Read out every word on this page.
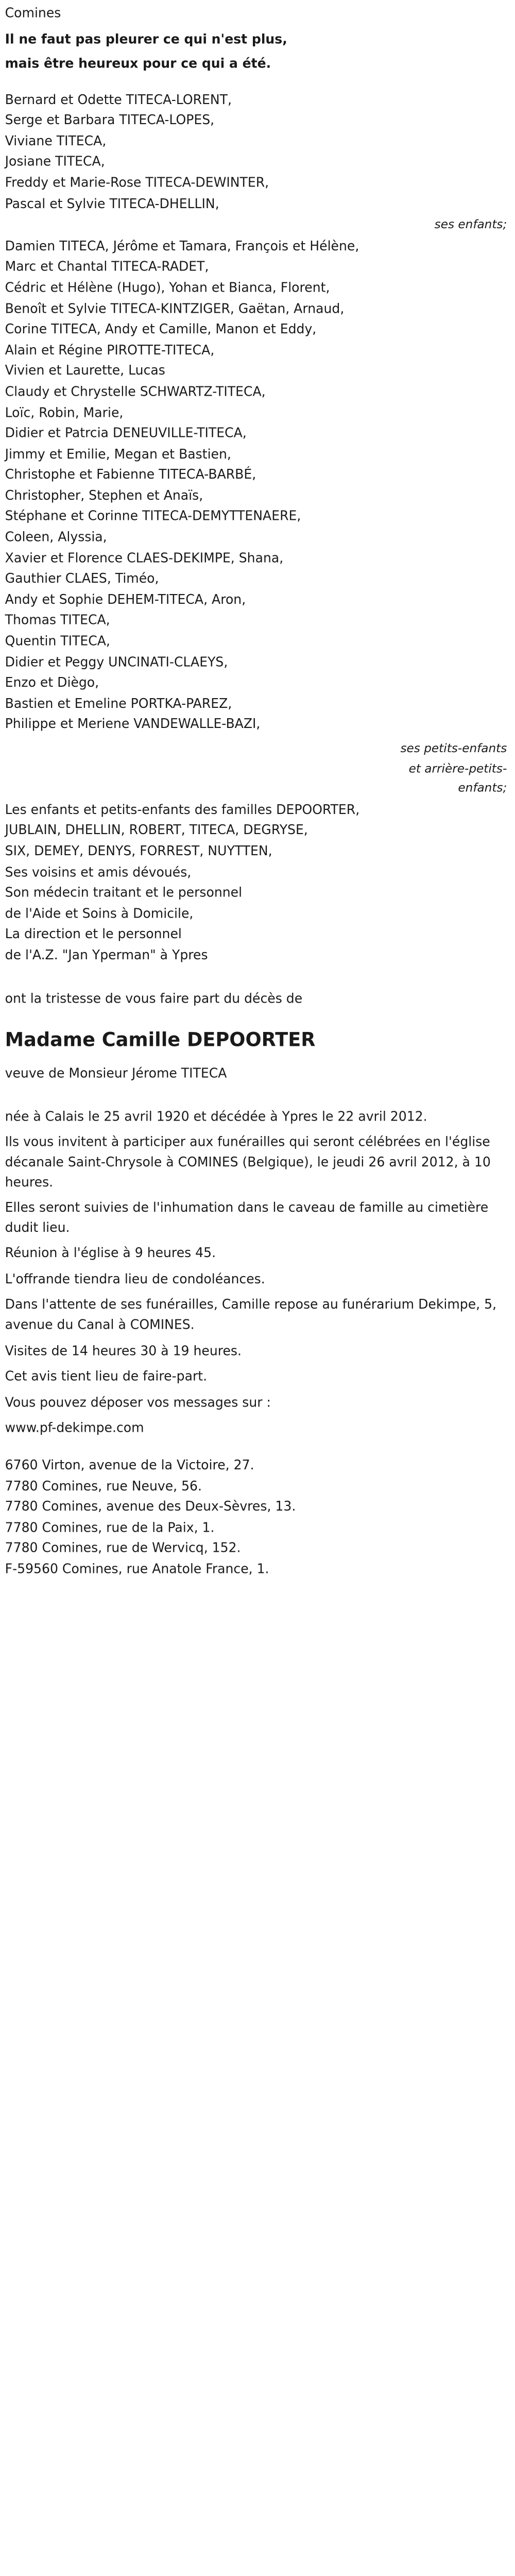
Comines
Il ne faut pas pleurer ce qui n'est plus,
mais être heureux pour ce qui a été.
Bernard et Odette TITECA-LORENT,
Serge et Barbara TITECA-LOPES,
Viviane TITECA,
Josiane TITECA,
Freddy et Marie-Rose TITECA-DEWINTER,
Pascal et Sylvie TITECA-DHELLIN,
ses enfants;
Damien TITECA, Jérôme et Tamara, François et Hélène,
Marc et Chantal TITECA-RADET,
Cédric et Hélène (Hugo), Yohan et Bianca, Florent,
Benoît et Sylvie TITECA-KINTZIGER, Gaëtan, Arnaud,
Corine TITECA, Andy et Camille, Manon et Eddy,
Alain et Régine PIROTTE-TITECA,
Vivien et Laurette, Lucas
Claudy et Chrystelle SCHWARTZ-TITECA,
Loïc, Robin, Marie,
Didier et Patrcia DENEUVILLE-TITECA,
Jimmy et Emilie, Megan et Bastien,
Christophe et Fabienne TITECA-BARBÉ,
Christopher, Stephen et Anaïs,
Stéphane et Corinne TITECA-DEMYTTENAERE,
Coleen, Alyssia,
Xavier et Florence CLAES-DEKIMPE, Shana,
Gauthier CLAES, Timéo,
Andy et Sophie DEHEM-TITECA, Aron,
Thomas TITECA,
Quentin TITECA,
Didier et Peggy UNCINATI-CLAEYS,
Enzo et Diègo,
Bastien et Emeline PORTKA-PAREZ,
Philippe et Meriene VANDEWALLE-BAZI,
ses petits-enfants
et arrière-petits-
enfants;
Les enfants et petits-enfants des familles DEPOORTER,
JUBLAIN, DHELLIN, ROBERT, TITECA, DEGRYSE,
SIX, DEMEY, DENYS, FORREST, NUYTTEN,
Ses voisins et amis dévoués,
Son médecin traitant et le personnel
de l'Aide et Soins à Domicile,
La direction et le personnel
de l'A.Z. "Jan Yperman" à Ypres
ont la tristesse de vous faire part du décès de
Madame Camille DEPOORTER
veuve de Monsieur Jérome TITECA
née à Calais le 25 avril 1920 et décédée à Ypres le 22 avril 2012.
Ils vous invitent à participer aux funérailles qui seront célébrées en l'église décanale Saint-Chrysole à COMINES (Belgique), le jeudi 26 avril 2012, à 10 heures.
Elles seront suivies de l'inhumation dans le caveau de famille au cimetière dudit lieu.
Réunion à l'église à 9 heures 45.
L'offrande tiendra lieu de condoléances.
Dans l'attente de ses funérailles, Camille repose au funérarium Dekimpe, 5, avenue du Canal à COMINES.
Visites de 14 heures 30 à 19 heures.
Cet avis tient lieu de faire-part.
Vous pouvez déposer vos messages sur :
www.pf-dekimpe.com
6760 Virton, avenue de la Victoire, 27.
7780 Comines, rue Neuve, 56.
7780 Comines, avenue des Deux-Sèvres, 13.
7780 Comines, rue de la Paix, 1.
7780 Comines, rue de Wervicq, 152.
F-59560 Comines, rue Anatole France, 1.
